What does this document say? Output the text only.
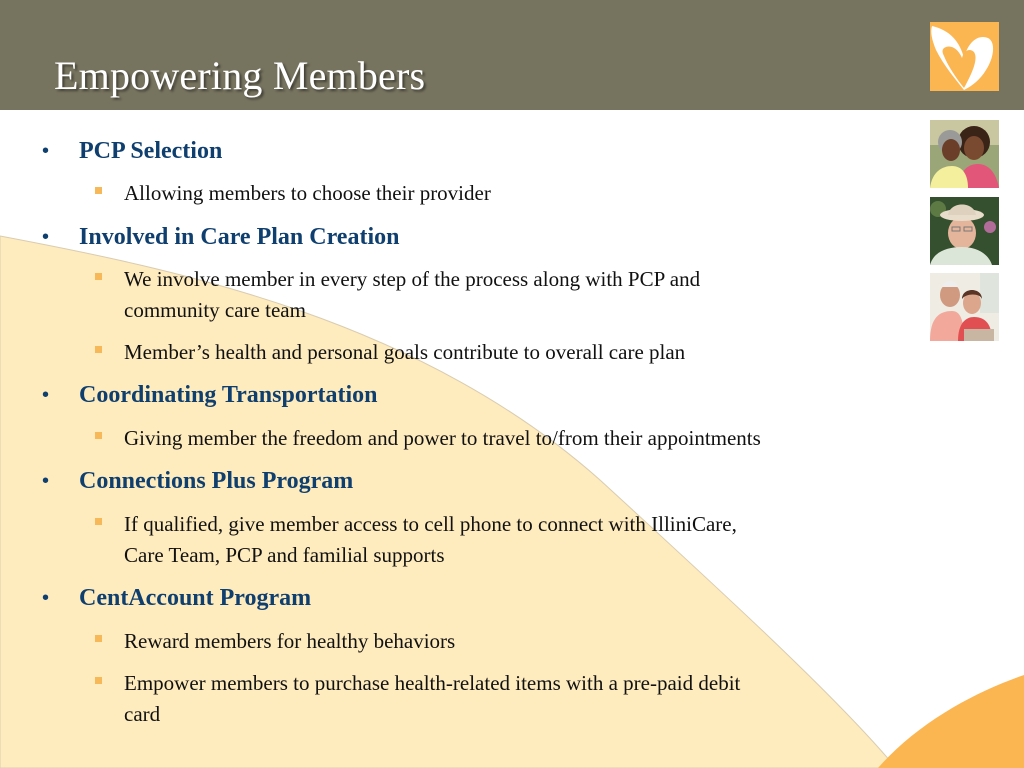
Empowering Members
• PCP Selection
Allowing members to choose their provider
• Involved in Care Plan Creation
We involve member in every step of the process along with PCP and
community care team
Member’s health and personal goals contribute to overall care plan
• Coordinating Transportation
Giving member the freedom and power to travel to/from their appointments
• Connections Plus Program
If qualified, give member access to cell phone to connect with IlliniCare,
Care Team, PCP and familial supports
• CentAccount Program
Reward members for healthy behaviors
Empower members to purchase health-related items with a pre-paid debit
card
